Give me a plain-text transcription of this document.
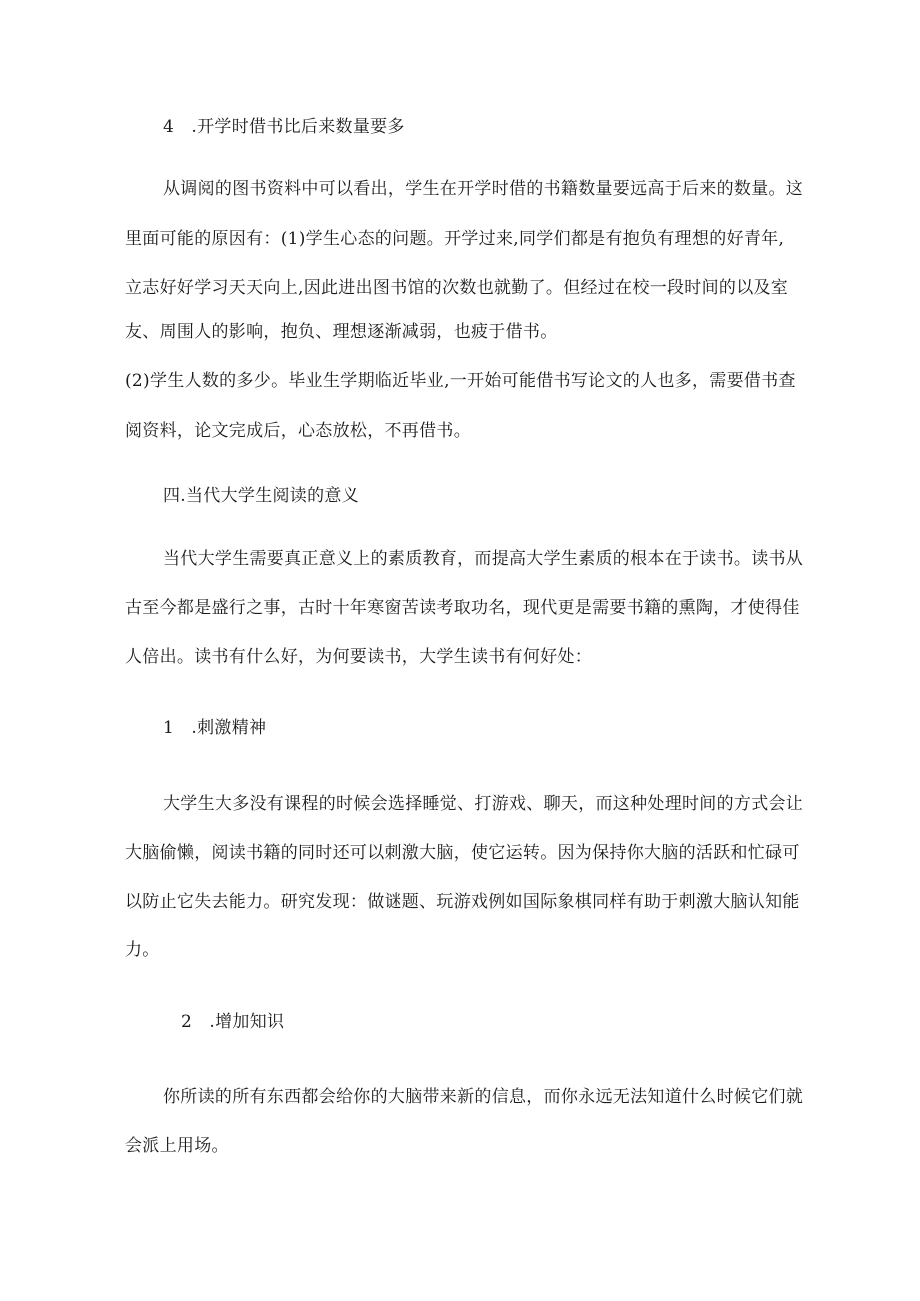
4　.开学时借书比后来数量要多
从调阅的图书资料中可以看出，学生在开学时借的书籍数量要远高于后来的数量。这
里面可能的原因有：(1)学生心态的问题。开学过来,同学们都是有抱负有理想的好青年,
立志好好学习天天向上,因此进出图书馆的次数也就勤了。但经过在校一段时间的以及室
友、周围人的影响，抱负、理想逐渐减弱，也疲于借书。
(2)学生人数的多少。毕业生学期临近毕业,一开始可能借书写论文的人也多，需要借书查
阅资料，论文完成后，心态放松，不再借书。
四.当代大学生阅读的意义
当代大学生需要真正意义上的素质教育，而提高大学生素质的根本在于读书。读书从
古至今都是盛行之事，古时十年寒窗苦读考取功名，现代更是需要书籍的熏陶，才使得佳
人倍出。读书有什么好，为何要读书，大学生读书有何好处：
1　.刺激精神
大学生大多没有课程的时候会选择睡觉、打游戏、聊天，而这种处理时间的方式会让
大脑偷懒，阅读书籍的同时还可以刺激大脑，使它运转。因为保持你大脑的活跃和忙碌可
以防止它失去能力。研究发现：做谜题、玩游戏例如国际象棋同样有助于刺激大脑认知能
力。
2　.增加知识
你所读的所有东西都会给你的大脑带来新的信息，而你永远无法知道什么时候它们就
会派上用场。
